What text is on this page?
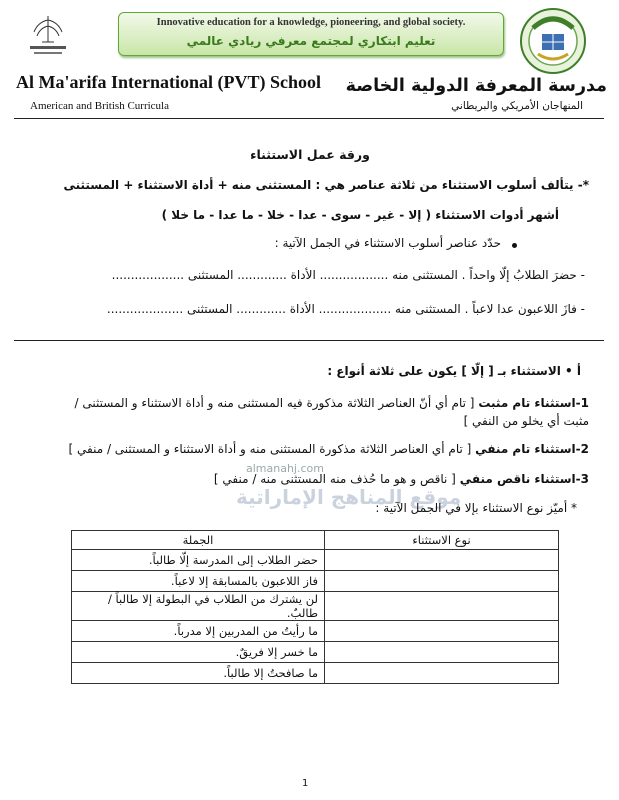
Innovative education for a knowledge, pioneering, and global society.
تعليم ابتكاري لمجتمع معرفي ريادي عالمي
Al Ma'arifa International (PVT) School
American and British Curricula
مدرسة المعرفة الدولية الخاصة
المنهاجان الأمريكي والبريطاني
ورقة عمل الاستثناء
*- يتألف أسلوب الاستثناء من ثلاثة عناصر هي : المستثنى منه + أداة الاستثناء + المستثنى
أشهر أدوات الاستثناء ( إلا - غير - سوى - عدا - خلا - ما عدا - ما خلا )
حدّد عناصر أسلوب الاستثناء في الجمل الآتية :
- حضرَ الطلابُ إلّا واحداً . المستثنى منه .................. الأداة ............. المستثنى ...................
- فازَ اللاعبون عدا لاعباً . المستثنى منه ................... الأداة ............. المستثنى ....................
أ • الاستثناء بـ [ إلّا ] يكون على ثلاثة أنواع :
1-استثناء تام مثبت [ تام أي أنّ العناصر الثلاثة مذكورة فيه المستثنى منه و أداة الاستثناء و المستثنى /
مثبت أي يخلو من النفي ]
2-استثناء تام منفي [ تام أي العناصر الثلاثة مذكورة المستثنى منه و أداة الاستثناء و المستثنى / منفي ]
almanahj.com
3-استثناء ناقص منفي [ ناقص و هو ما حُذف منه المستثنى منه / منفي ]
موقع المناهج الإماراتية
* أميّز نوع الاستثناء بإلا في الجمل الآتية :
الجملة	نوع الاستثناء
حضر الطلاب إلى المدرسة إلّا طالباً.	
فاز اللاعبون بالمسابقة إلا لاعباً.	
لن يشترك من الطلاب في البطولة إلا طالباً / طالبٌ.	
ما رأيتُ من المدربين إلا مدرباً.	
ما خسر إلا فريقٌ.	
ما صافحتُ إلا طالباً.	
1
